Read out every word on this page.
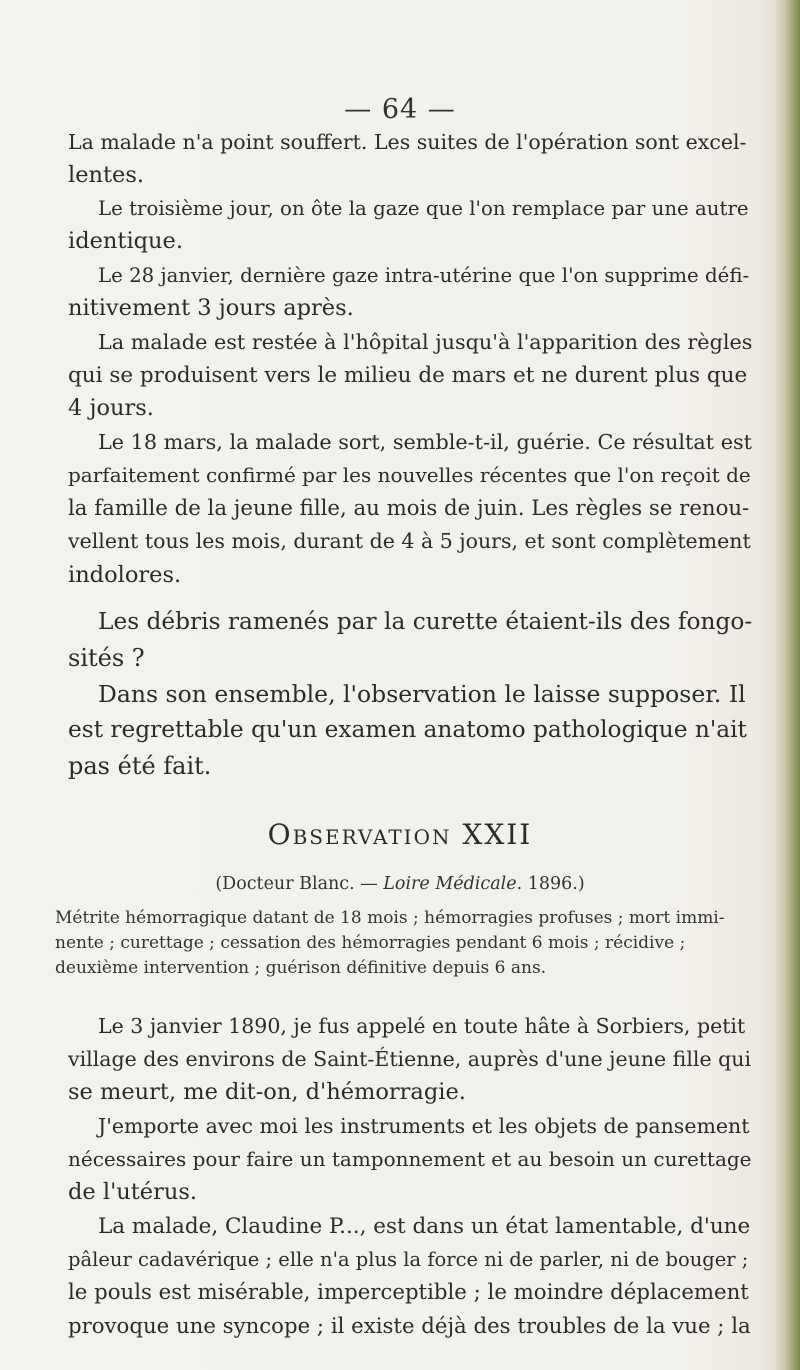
— 64 —
La malade n'a point souffert. Les suites de l'opération sont excel-
lentes.
Le troisième jour, on ôte la gaze que l'on remplace par une autre
identique.
Le 28 janvier, dernière gaze intra-utérine que l'on supprime défi-
nitivement 3 jours après.
La malade est restée à l'hôpital jusqu'à l'apparition des règles
qui se produisent vers le milieu de mars et ne durent plus que
4 jours.
Le 18 mars, la malade sort, semble-t-il, guérie. Ce résultat est
parfaitement confirmé par les nouvelles récentes que l'on reçoit de
la famille de la jeune fille, au mois de juin. Les règles se renou-
vellent tous les mois, durant de 4 à 5 jours, et sont complètement
indolores.
Les débris ramenés par la curette étaient-ils des fongo-
sités ?
Dans son ensemble, l'observation le laisse supposer. Il
est regrettable qu'un examen anatomo pathologique n'ait
pas été fait.
Observation XXII
(Docteur Blanc. — Loire Médicale. 1896.)
Métrite hémorragique datant de 18 mois ; hémorragies profuses ; mort immi-
nente ; curettage ; cessation des hémorragies pendant 6 mois ; récidive ;
deuxième intervention ; guérison définitive depuis 6 ans.
Le 3 janvier 1890, je fus appelé en toute hâte à Sorbiers, petit
village des environs de Saint-Étienne, auprès d'une jeune fille qui
se meurt, me dit-on, d'hémorragie.
J'emporte avec moi les instruments et les objets de pansement
nécessaires pour faire un tamponnement et au besoin un curettage
de l'utérus.
La malade, Claudine P..., est dans un état lamentable, d'une
pâleur cadavérique ; elle n'a plus la force ni de parler, ni de bouger ;
le pouls est misérable, imperceptible ; le moindre déplacement
provoque une syncope ; il existe déjà des troubles de la vue ; la
